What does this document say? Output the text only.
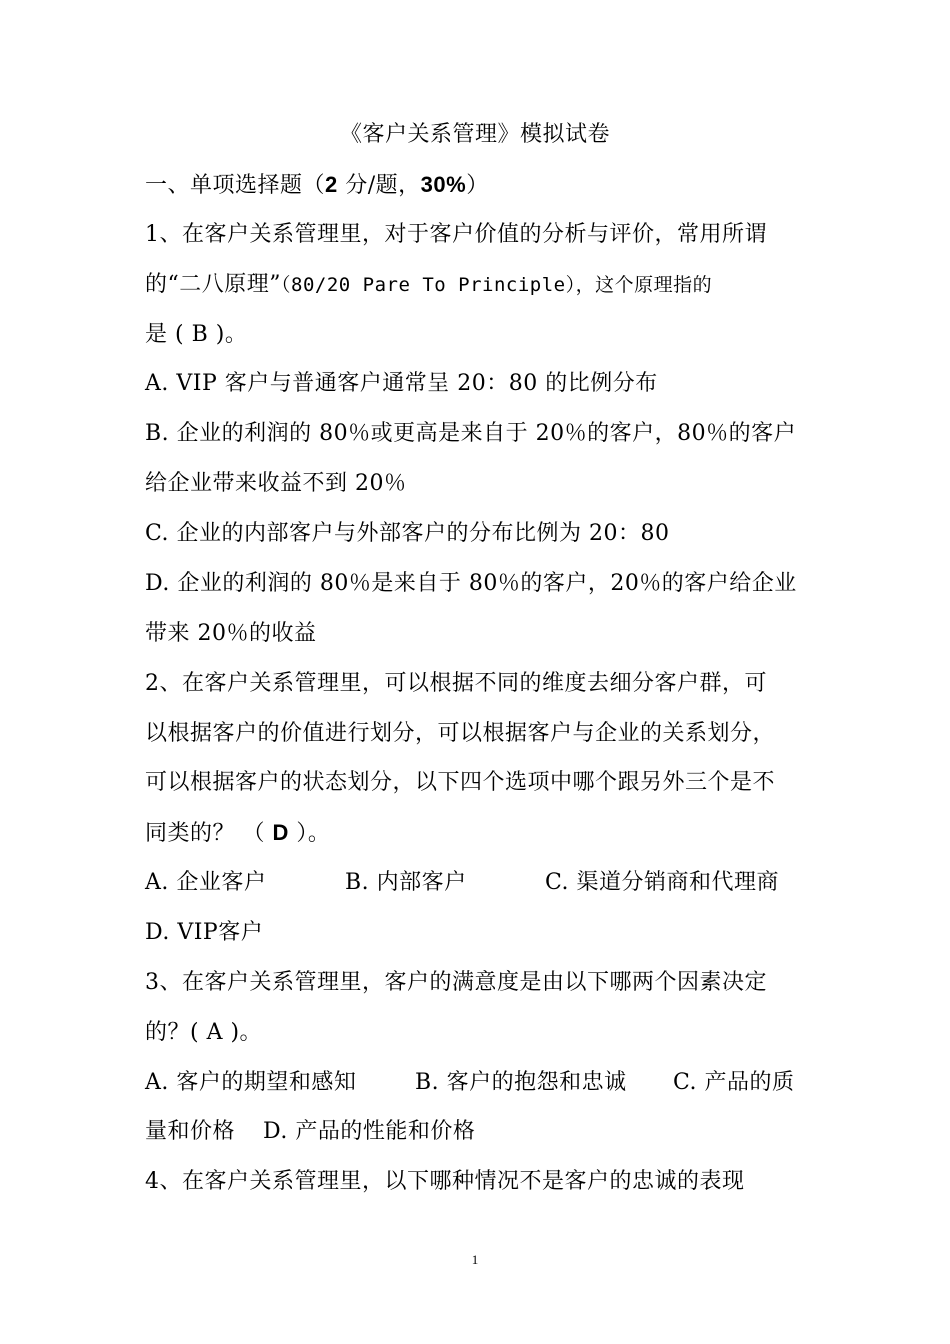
《客户关系管理》模拟试卷
一、单项选择题（2 分/题，30%）
1、在客户关系管理里，对于客户价值的分析与评价，常用所谓
的“二八原理”（80/20 Pare To Principle），这个原理指的
是 ( B )。
A. VIP 客户与普通客户通常呈 20：80 的比例分布
B. 企业的利润的 80％或更高是来自于 20％的客户，80％的客户
给企业带来收益不到 20％
C. 企业的内部客户与外部客户的分布比例为 20：80
D. 企业的利润的 80％是来自于 80％的客户，20％的客户给企业
带来 20％的收益
2、在客户关系管理里，可以根据不同的维度去细分客户群，可
以根据客户的价值进行划分，可以根据客户与企业的关系划分，
可以根据客户的状态划分，以下四个选项中哪个跟另外三个是不
同类的？ （ D ）。
A. 企业客户	B. 内部客户	C. 渠道分销商和代理商
D. VIP客户
3、在客户关系管理里，客户的满意度是由以下哪两个因素决定
的？( A )。
A. 客户的期望和感知	B. 客户的抱怨和忠诚 C. 产品的质
量和价格 D. 产品的性能和价格
4、在客户关系管理里，以下哪种情况不是客户的忠诚的表现
1
